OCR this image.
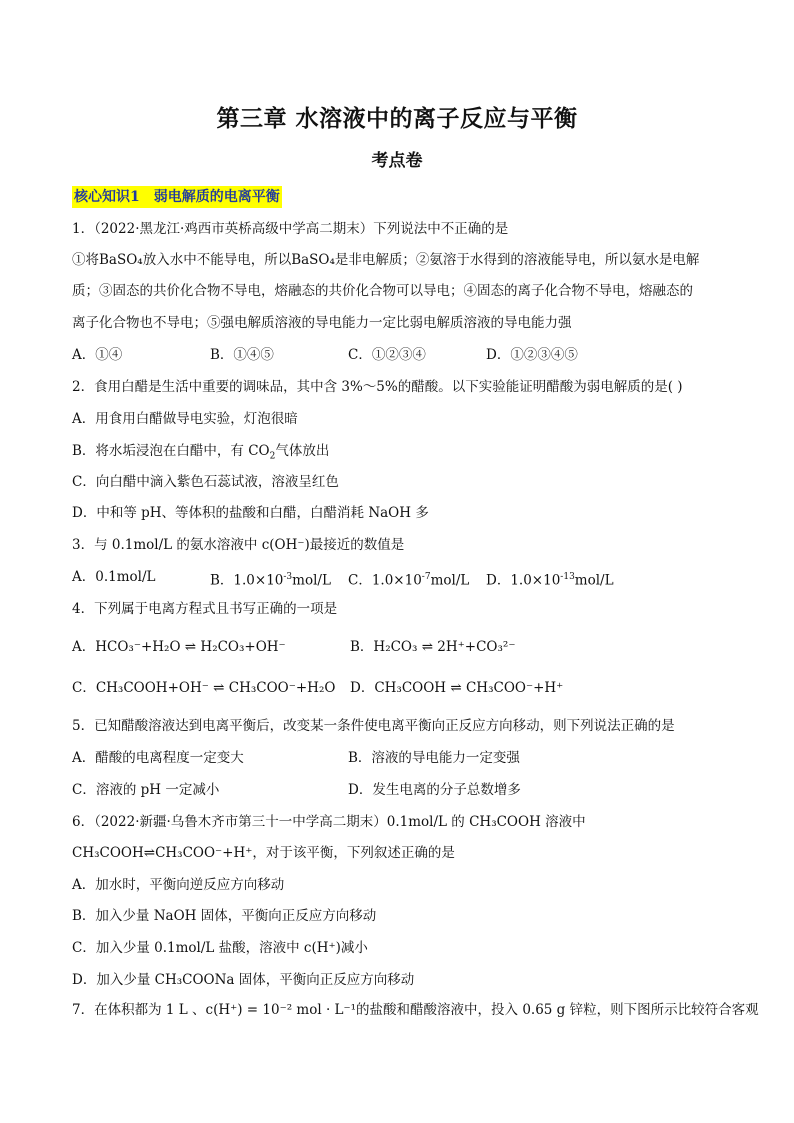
第三章 水溶液中的离子反应与平衡
考点卷
核心知识1　弱电解质的电离平衡
1．（2022·黑龙江·鸡西市英桥高级中学高二期末）下列说法中不正确的是
①将BaSO₄放入水中不能导电，所以BaSO₄是非电解质；②氨溶于水得到的溶液能导电，所以氨水是电解
质；③固态的共价化合物不导电，熔融态的共价化合物可以导电；④固态的离子化合物不导电，熔融态的
离子化合物也不导电；⑤强电解质溶液的导电能力一定比弱电解质溶液的导电能力强
A．①④	B．①④⑤	C．①②③④	D．①②③④⑤
2．食用白醋是生活中重要的调味品，其中含 3%～5%的醋酸。以下实验能证明醋酸为弱电解质的是( )
A．用食用白醋做导电实验，灯泡很暗
B．将水垢浸泡在白醋中，有 $CO_2$气体放出
C．向白醋中滴入紫色石蕊试液，溶液呈红色
D．中和等 pH、等体积的盐酸和白醋，白醋消耗 NaOH 多
3．与 0.1mol/L 的氨水溶液中 c(OH⁻)最接近的数值是
A．0.1mol/L	B．$1.0\times 10^{-3}mol/L$ C．$1.0\times 10^{-7}mol/L$ D．$1.0\times 10^{-13}mol/L$
4．下列属于电离方程式且书写正确的一项是
A．HCO₃⁻+H₂O ⇌ H₂CO₃+OH⁻	B．H₂CO₃ ⇌ 2H⁺+CO₃²⁻
C．CH₃COOH+OH⁻ ⇌ CH₃COO⁻+H₂O D．CH₃COOH ⇌ CH₃COO⁻+H⁺
5．已知醋酸溶液达到电离平衡后，改变某一条件使电离平衡向正反应方向移动，则下列说法正确的是
A．醋酸的电离程度一定变大	B．溶液的导电能力一定变强
C．溶液的 pH 一定减小	D．发生电离的分子总数增多
6．（2022·新疆·乌鲁木齐市第三十一中学高二期末）0.1mol/L 的 CH₃COOH 溶液中
CH₃COOH⇌CH₃COO⁻+H⁺，对于该平衡，下列叙述正确的是
A．加水时，平衡向逆反应方向移动
B．加入少量 NaOH 固体，平衡向正反应方向移动
C．加入少量 0.1mol/L 盐酸，溶液中 c(H⁺)减小
D．加入少量 CH₃COONa 固体，平衡向正反应方向移动
7．在体积都为 1 L 、c(H⁺) = 10⁻² mol · L⁻¹的盐酸和醋酸溶液中，投入 0.65 g 锌粒，则下图所示比较符合客观
